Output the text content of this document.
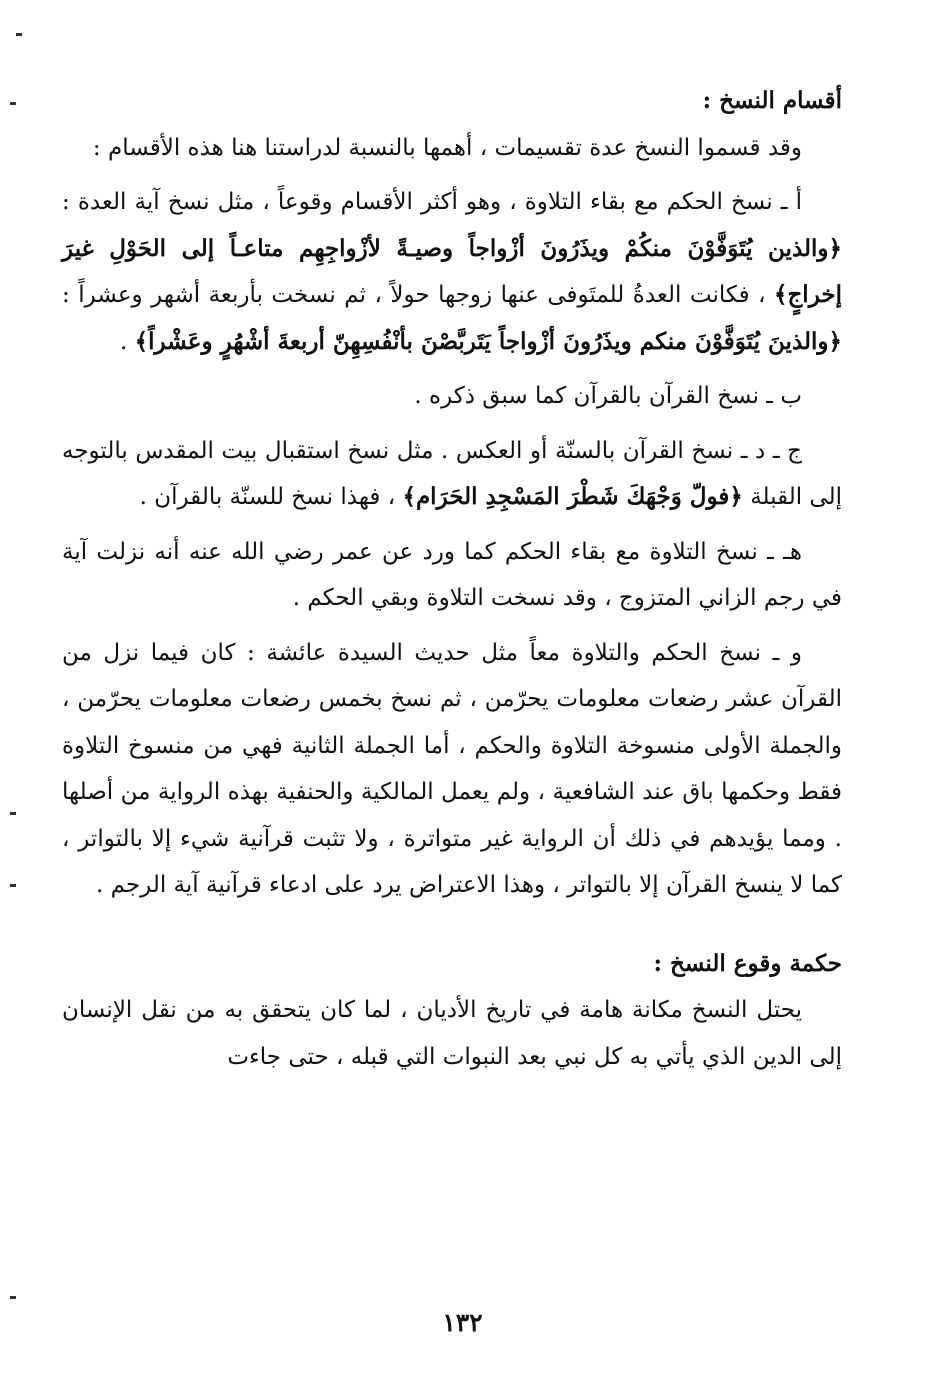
أقسام النسخ :

وقد قسموا النسخ عدة تقسيمات ، أهمها بالنسبة لدراستنا هنا هذه الأقسام :

أ ـ نسخ الحكم مع بقاء التلاوة ، وهو أكثر الأقسام وقوعاً ، مثل نسخ آية العدة : ﴿والذين يُتَوَفَّوْنَ منكُمْ ويذَرُونَ أزْواجاً وصيـةً لأزْواجِهِم متاعـاً إلى الحَوْلِ غيرَ إخراجٍ﴾ ، فكانت العدةُ للمتَوفى عنها زوجها حولاً ، ثم نسخت بأربعة أشهر وعشراً : ﴿والذينَ يُتَوَفَّوْنَ منكم ويذَرُونَ أزْواجاً يَتَربَّصْنَ بأنْفُسِهِنّ أربعةَ أشْهُرٍ وعَشْراً﴾ .

ب ـ نسخ القرآن بالقرآن كما سبق ذكره .

ج ـ د ـ نسخ القرآن بالسنّة أو العكس . مثل نسخ استقبال بيت المقدس بالتوجه إلى القبلة ﴿فولّ وَجْهَكَ شَطْرَ المَسْجِدِ الحَرَام﴾ ، فهذا نسخ للسنّة بالقرآن .

هـ ـ نسخ التلاوة مع بقاء الحكم كما ورد عن عمر رضي الله عنه أنه نزلت آية في رجم الزاني المتزوج ، وقد نسخت التلاوة وبقي الحكم .

و ـ نسخ الحكم والتلاوة معاً مثل حديث السيدة عائشة : كان فيما نزل من القرآن عشر رضعات معلومات يحرّمن ، ثم نسخ بخمس رضعات معلومات يحرّمن ، والجملة الأولى منسوخة التلاوة والحكم ، أما الجملة الثانية فهي من منسوخ التلاوة فقط وحكمها باق عند الشافعية ، ولم يعمل المالكية والحنفية بهذه الرواية من أصلها . ومما يؤيدهم في ذلك أن الرواية غير متواترة ، ولا تثبت قرآنية شيء إلا بالتواتر ، كما لا ينسخ القرآن إلا بالتواتر ، وهذا الاعتراض يرد على ادعاء قرآنية آية الرجم .

حكمة وقوع النسخ :

يحتل النسخ مكانة هامة في تاريخ الأديان ، لما كان يتحقق به من نقل الإنسان إلى الدين الذي يأتي به كل نبي بعد النبوات التي قبله ، حتى جاءت

١٣٢
